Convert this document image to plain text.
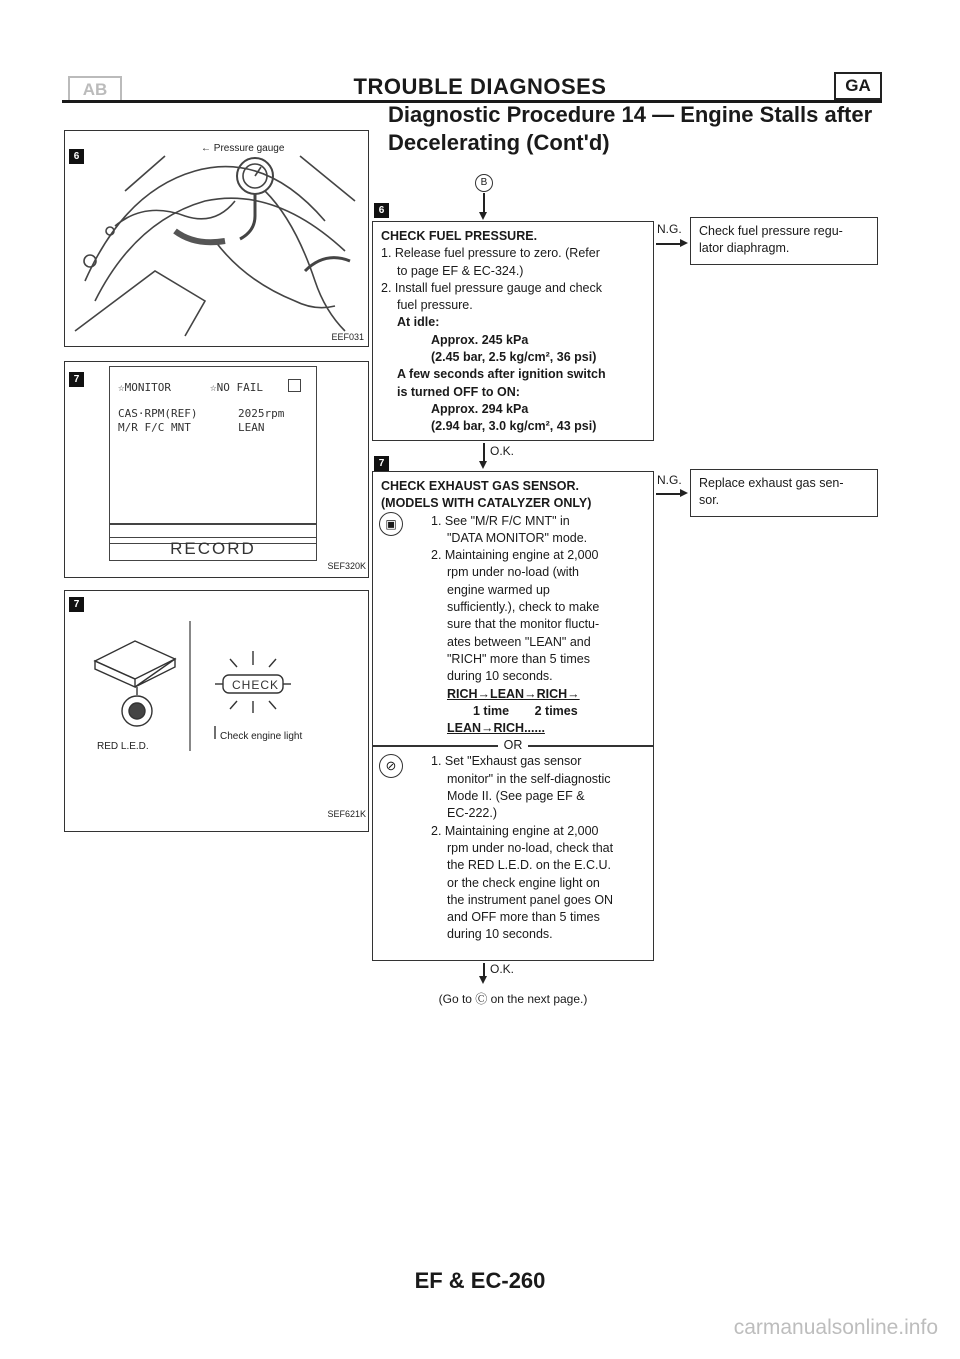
AB	TROUBLE DIAGNOSES	GA
Diagnostic Procedure 14 — Engine Stalls after
Decelerating (Cont'd)
6
← Pressure gauge
EEF031
7
☆MONITOR	☆NO FAIL
CAS·RPM(REF)	2025rpm
M/R F/C MNT	LEAN
RECORD
SEF320K
7
CHECK
RED L.E.D.
Check engine light
SEF621K
B
6
CHECK FUEL PRESSURE.
1. Release fuel pressure to zero. (Refer
to page EF & EC-324.)
2. Install fuel pressure gauge and check
fuel pressure.
At idle:
Approx. 245 kPa
(2.45 bar, 2.5 kg/cm², 36 psi)
A few seconds after ignition switch
is turned OFF to ON:
Approx. 294 kPa
(2.94 bar, 3.0 kg/cm², 43 psi)
N.G.	Check fuel pressure regu-
lator diaphragm.
O.K.
7
CHECK EXHAUST GAS SENSOR.
(MODELS WITH CATALYZER ONLY)
▣	1. See "M/R F/C MNT" in
"DATA MONITOR" mode.
2. Maintaining engine at 2,000
rpm under no-load (with
engine warmed up
sufficiently.), check to make
sure that the monitor fluctu-
ates between "LEAN" and
"RICH" more than 5 times
during 10 seconds.
RICH→LEAN→RICH→
1 time 2 times
LEAN→RICH......
OR
⊘	1. Set "Exhaust gas sensor
monitor" in the self-diagnostic
Mode II. (See page EF &
EC-222.)
2. Maintaining engine at 2,000
rpm under no-load, check that
the RED L.E.D. on the E.C.U.
or the check engine light on
the instrument panel goes ON
and OFF more than 5 times
during 10 seconds.
N.G.	Replace exhaust gas sen-
sor.
O.K.
(Go to Ⓒ on the next page.)
EF & EC-260
carmanualsonline.info
